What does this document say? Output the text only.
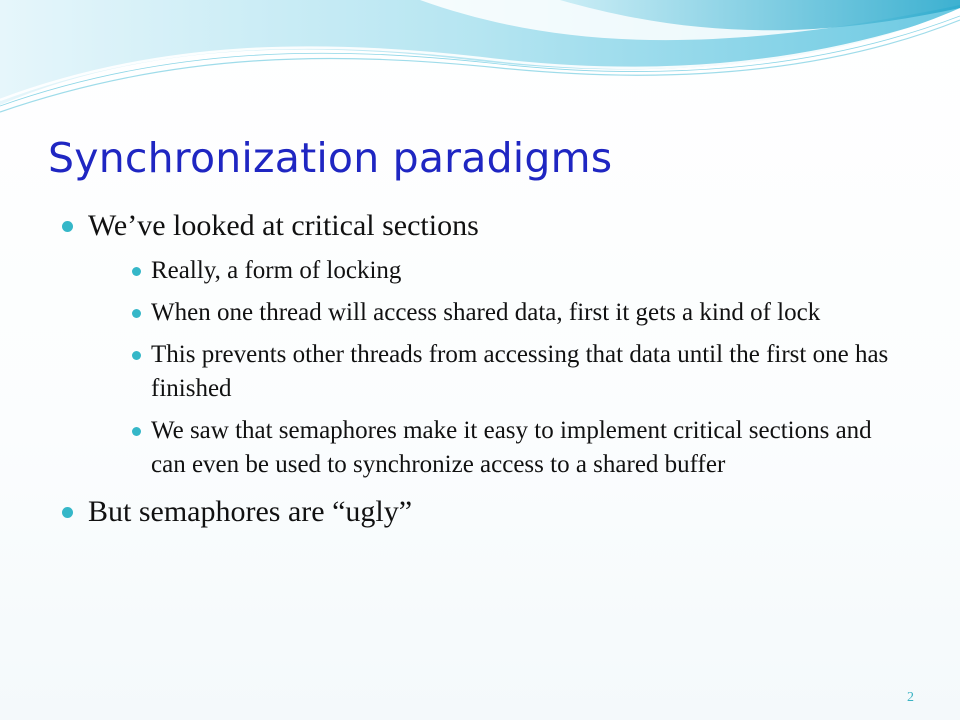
Synchronization paradigms
We’ve looked at critical sections
Really, a form of locking
When one thread will access shared data, first it gets a kind of lock
This prevents other threads from accessing that data until the first one has finished
We saw that semaphores make it easy to implement critical sections and can even be used to synchronize access to a shared buffer
But semaphores are “ugly”
2
